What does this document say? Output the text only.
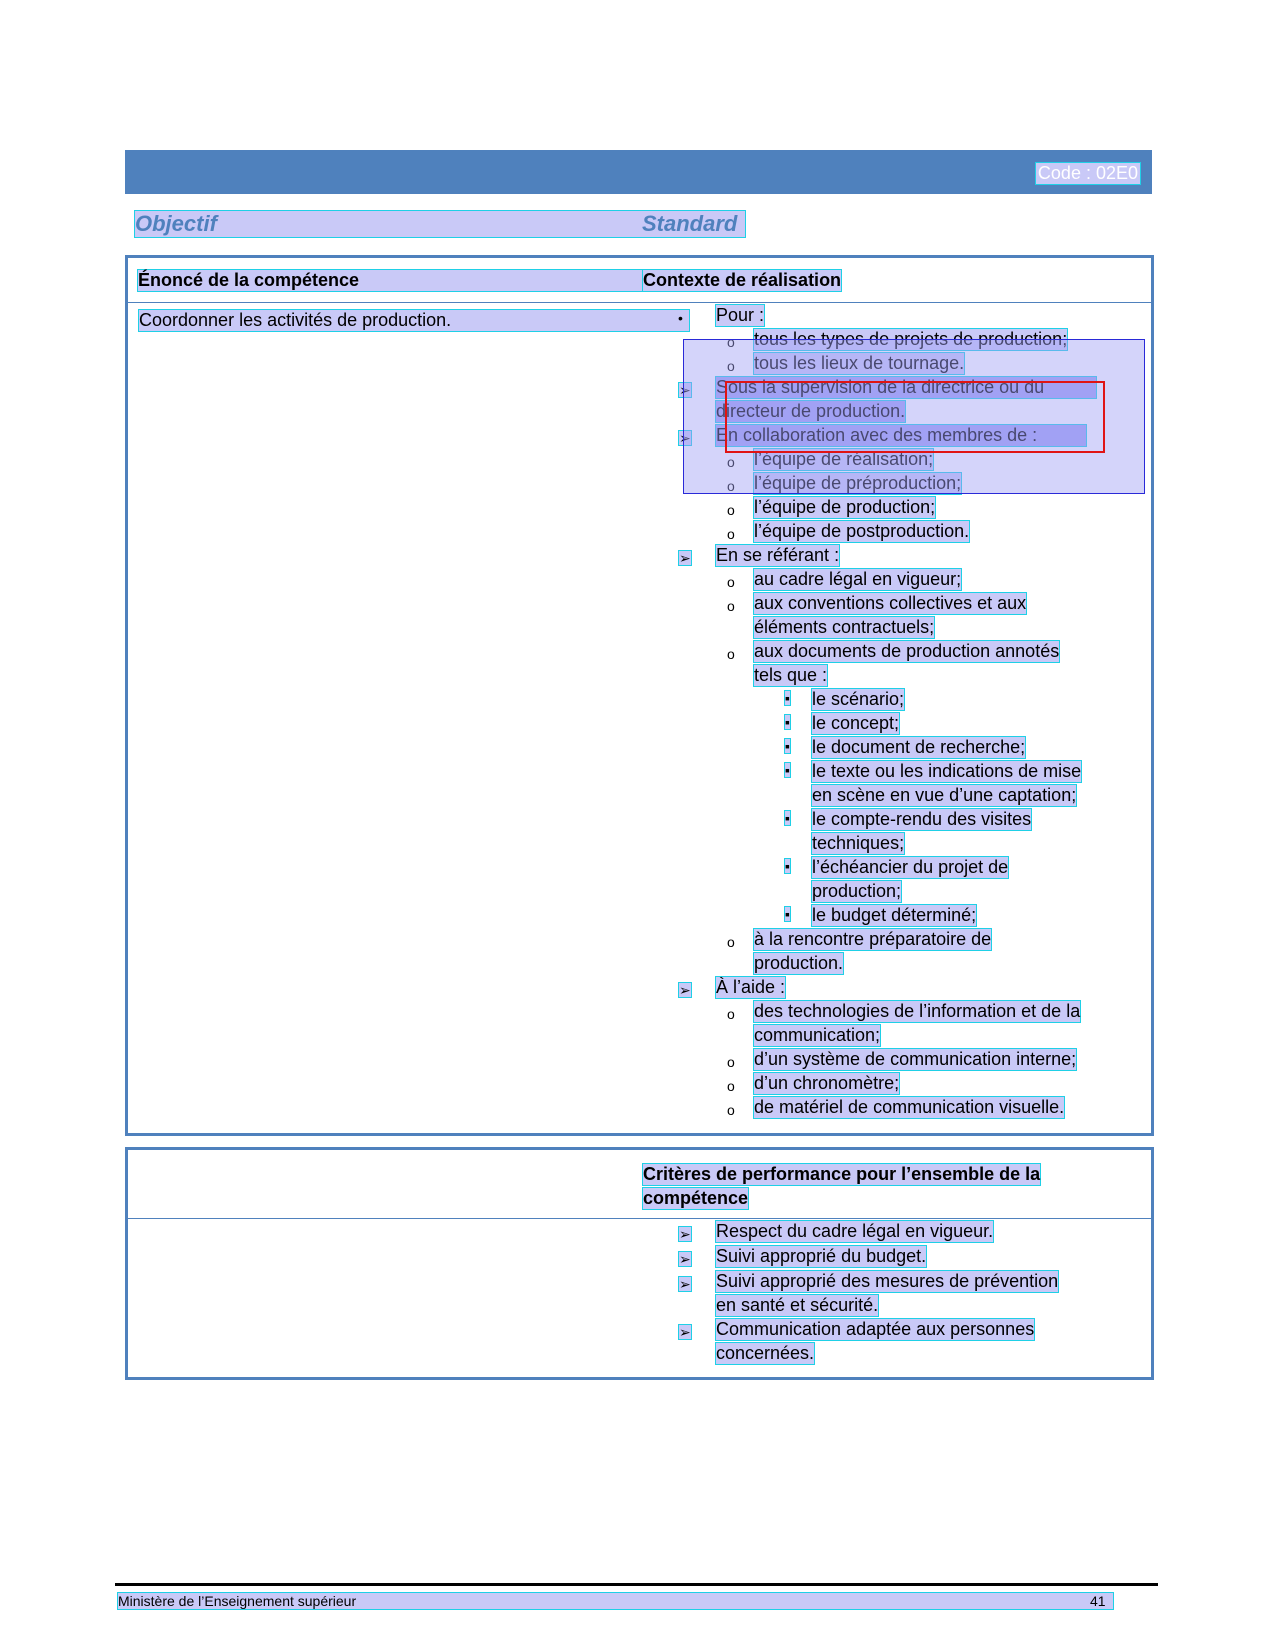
Code : 02E0
Objectif	Standard
Énoncé de la compétence	Contexte de réalisation
Coordonner les activités de production.	• Pour :
o tous les types de projets de production;
o tous les lieux de tournage.
➢ Sous la supervision de la directrice ou du
directeur de production.
➢ En collaboration avec des membres de :
o l’équipe de réalisation;
o l’équipe de préproduction;
o l’équipe de production;
o l’équipe de postproduction.
➢ En se référant :
o au cadre légal en vigueur;
o aux conventions collectives et aux
éléments contractuels;
o aux documents de production annotés
tels que :
▪ le scénario;
▪ le concept;
▪ le document de recherche;
▪ le texte ou les indications de mise
en scène en vue d’une captation;
▪ le compte-rendu des visites
techniques;
▪ l’échéancier du projet de
production;
▪ le budget déterminé;
o à la rencontre préparatoire de
production.
➢ À l’aide :
o des technologies de l’information et de la
communication;
o d’un système de communication interne;
o d’un chronomètre;
o de matériel de communication visuelle.
Critères de performance pour l’ensemble de la
compétence
➢ Respect du cadre légal en vigueur.
➢ Suivi approprié du budget.
➢ Suivi approprié des mesures de prévention
en santé et sécurité.
➢ Communication adaptée aux personnes
concernées.
Ministère de l’Enseignement supérieur	41
